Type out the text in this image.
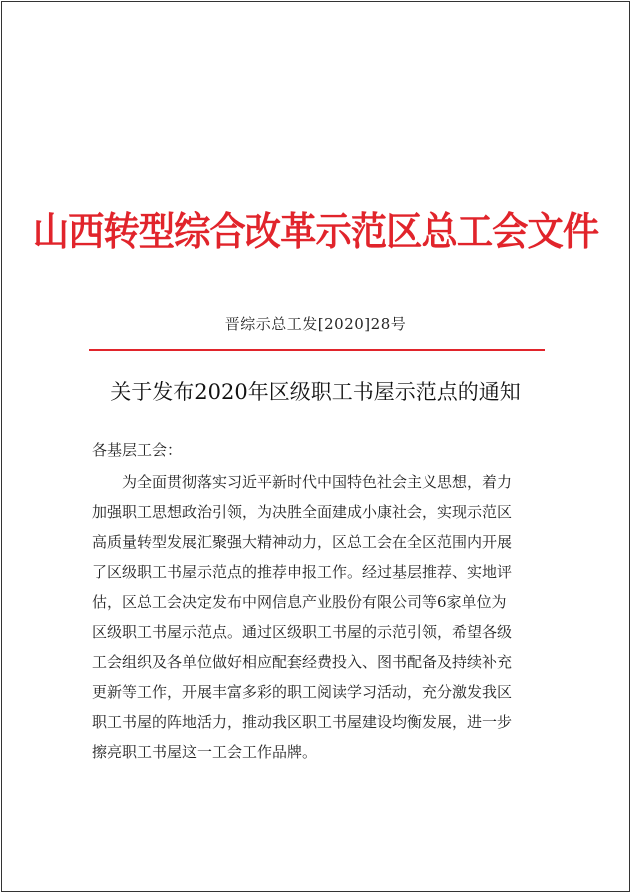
山西转型综合改革示范区总工会文件
晋综示总工发[2020]28号
关于发布2020年区级职工书屋示范点的通知
各基层工会：
　　为全面贯彻落实习近平新时代中国特色社会主义思想，着力
加强职工思想政治引领，为决胜全面建成小康社会，实现示范区
高质量转型发展汇聚强大精神动力，区总工会在全区范围内开展
了区级职工书屋示范点的推荐申报工作。经过基层推荐、实地评
估，区总工会决定发布中网信息产业股份有限公司等6家单位为
区级职工书屋示范点。通过区级职工书屋的示范引领，希望各级
工会组织及各单位做好相应配套经费投入、图书配备及持续补充
更新等工作，开展丰富多彩的职工阅读学习活动，充分激发我区
职工书屋的阵地活力，推动我区职工书屋建设均衡发展，进一步
擦亮职工书屋这一工会工作品牌。
